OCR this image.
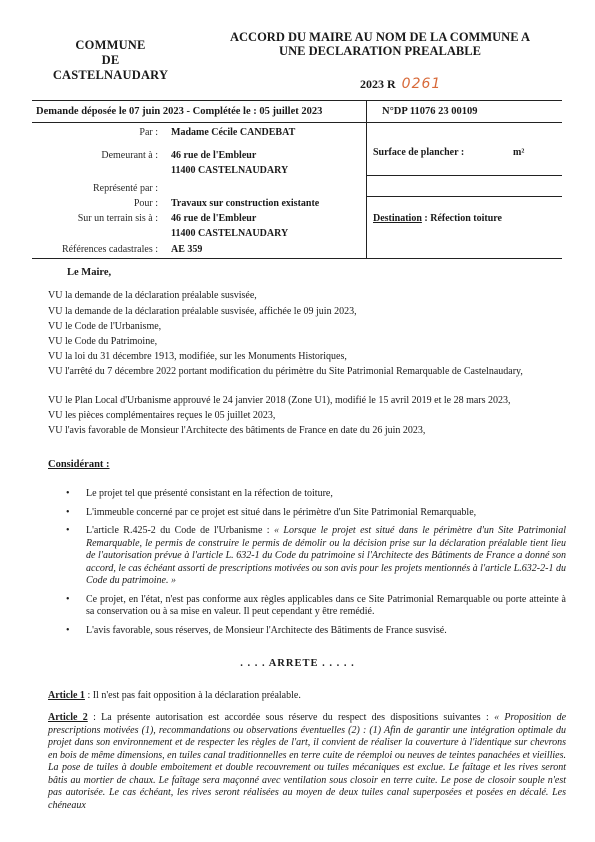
COMMUNE
DE
CASTELNAUDARY
ACCORD DU MAIRE AU NOM DE LA COMMUNE A
UNE DECLARATION PREALABLE
2023 R 0261
Demande déposée le 07 juin 2023 - Complétée le : 05 juillet 2023	N°DP 11076 23 00109
Par : Madame Cécile CANDEBAT
Demeurant à : 46 rue de l'Embleur
11400 CASTELNAUDARY
Représenté par :
Pour : Travaux sur construction existante
Sur un terrain sis à : 46 rue de l'Embleur
11400 CASTELNAUDARY
Références cadastrales : AE 359
Surface de plancher :	m²
Destination : Réfection toiture
Le Maire,
VU la demande de la déclaration préalable susvisée,
VU la demande de la déclaration préalable susvisée, affichée le 09 juin 2023,
VU le Code de l'Urbanisme,
VU le Code du Patrimoine,
VU la loi du 31 décembre 1913, modifiée, sur les Monuments Historiques,
VU l'arrêté du 7 décembre 2022 portant modification du périmètre du Site Patrimonial Remarquable de Castelnaudary,
VU le Plan Local d'Urbanisme approuvé le 24 janvier 2018 (Zone U1), modifié le 15 avril 2019 et le 28 mars 2023,
VU les pièces complémentaires reçues le 05 juillet 2023,
VU l'avis favorable de Monsieur l'Architecte des bâtiments de France en date du 26 juin 2023,
Considérant :
• Le projet tel que présenté consistant en la réfection de toiture,
• L'immeuble concerné par ce projet est situé dans le périmètre d'un Site Patrimonial Remarquable,
• L'article R.425-2 du Code de l'Urbanisme : « Lorsque le projet est situé dans le périmètre d'un Site Patrimonial Remarquable, le permis de construire le permis de démolir ou la décision prise sur la déclaration préalable tient lieu de l'autorisation prévue à l'article L. 632-1 du Code du patrimoine si l'Architecte des Bâtiments de France a donné son accord, le cas échéant assorti de prescriptions motivées ou son avis pour les projets mentionnés à l'article L.632-2-1 du Code du patrimoine. »
• Ce projet, en l'état, n'est pas conforme aux règles applicables dans ce Site Patrimonial Remarquable ou porte atteinte à sa conservation ou à sa mise en valeur. Il peut cependant y être remédié.
• L'avis favorable, sous réserves, de Monsieur l'Architecte des Bâtiments de France susvisé.
. . . . ARRETE . . . . .
Article 1 : Il n'est pas fait opposition à la déclaration préalable.
Article 2 : La présente autorisation est accordée sous réserve du respect des dispositions suivantes : « Proposition de prescriptions motivées (1), recommandations ou observations éventuelles (2) : (1) Afin de garantir une intégration optimale du projet dans son environnement et de respecter les règles de l'art, il convient de réaliser la couverture à l'identique sur chevrons en bois de même dimensions, en tuiles canal traditionnelles en terre cuite de réemploi ou neuves de teintes panachées et vieillies. La pose de tuiles à double emboitement et double recouvrement ou tuiles mécaniques est exclue. Le faîtage et les rives seront bâtis au mortier de chaux. Le faîtage sera maçonné avec ventilation sous closoir en terre cuite. Le pose de closoir souple n'est pas autorisée. Le cas échéant, les rives seront réalisées au moyen de deux tuiles canal superposées et posées en décalé. Les chéneaux
